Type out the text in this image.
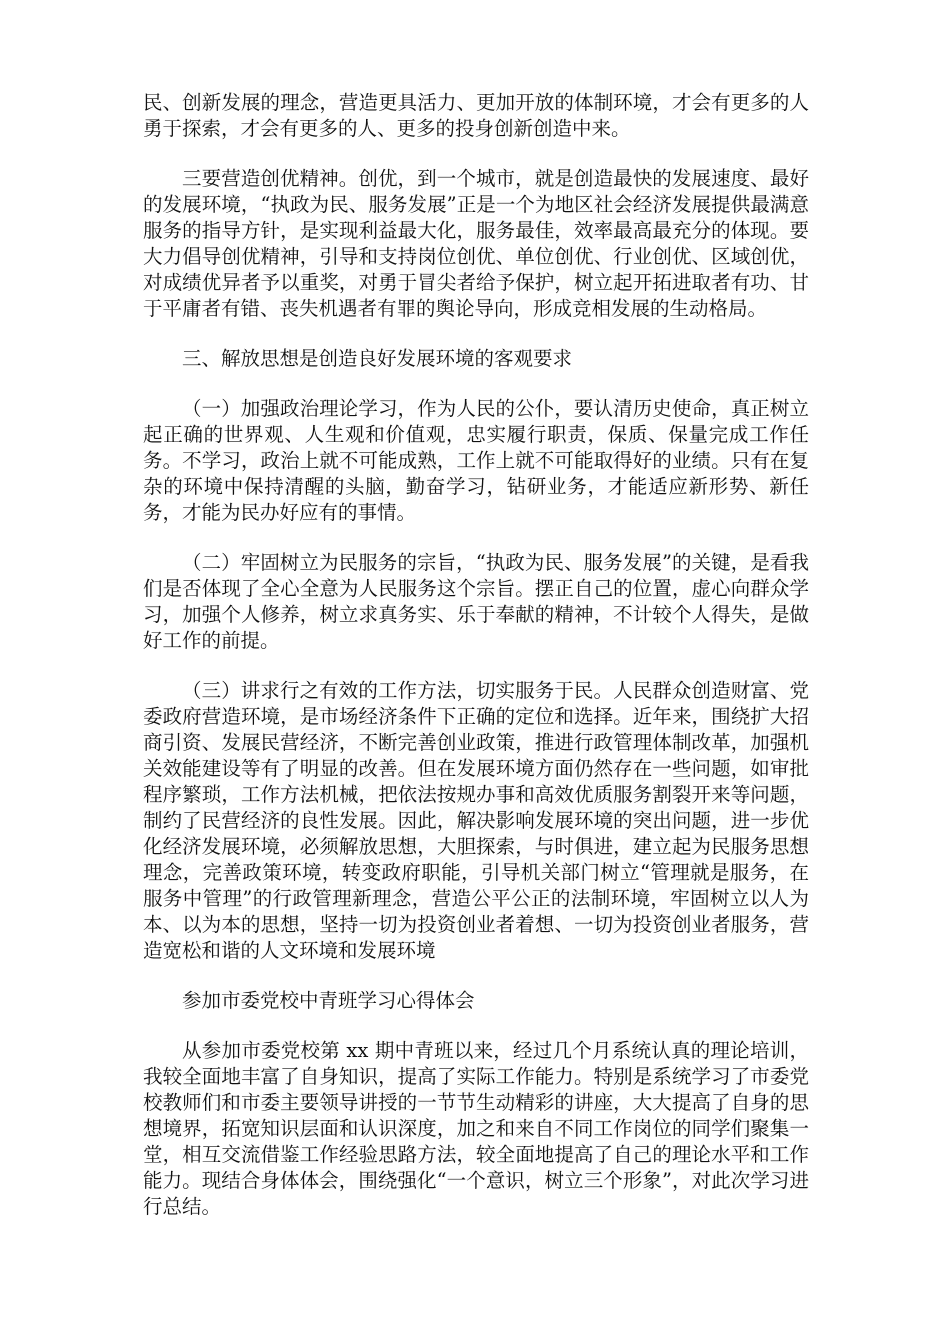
民、创新发展的理念，营造更具活力、更加开放的体制环境，才会有更多的人勇于探索，才会有更多的人、更多的投身创新创造中来。

三要营造创优精神。创优，到一个城市，就是创造最快的发展速度、最好的发展环境，“执政为民、服务发展”正是一个为地区社会经济发展提供最满意服务的指导方针，是实现利益最大化，服务最佳，效率最高最充分的体现。要大力倡导创优精神，引导和支持岗位创优、单位创优、行业创优、区域创优，对成绩优异者予以重奖，对勇于冒尖者给予保护，树立起开拓进取者有功、甘于平庸者有错、丧失机遇者有罪的舆论导向，形成竞相发展的生动格局。

三、解放思想是创造良好发展环境的客观要求

（一）加强政治理论学习，作为人民的公仆，要认清历史使命，真正树立起正确的世界观、人生观和价值观，忠实履行职责，保质、保量完成工作任务。不学习，政治上就不可能成熟，工作上就不可能取得好的业绩。只有在复杂的环境中保持清醒的头脑，勤奋学习，钻研业务，才能适应新形势、新任务，才能为民办好应有的事情。

（二）牢固树立为民服务的宗旨，“执政为民、服务发展”的关键，是看我们是否体现了全心全意为人民服务这个宗旨。摆正自己的位置，虚心向群众学习，加强个人修养，树立求真务实、乐于奉献的精神，不计较个人得失，是做好工作的前提。

（三）讲求行之有效的工作方法，切实服务于民。人民群众创造财富、党委政府营造环境，是市场经济条件下正确的定位和选择。近年来，围绕扩大招商引资、发展民营经济，不断完善创业政策，推进行政管理体制改革，加强机关效能建设等有了明显的改善。但在发展环境方面仍然存在一些问题，如审批程序繁琐，工作方法机械，把依法按规办事和高效优质服务割裂开来等问题，制约了民营经济的良性发展。因此，解决影响发展环境的突出问题，进一步优化经济发展环境，必须解放思想，大胆探索，与时俱进，建立起为民服务思想理念，完善政策环境，转变政府职能，引导机关部门树立“管理就是服务，在服务中管理”的行政管理新理念，营造公平公正的法制环境，牢固树立以人为本、以为本的思想，坚持一切为投资创业者着想、一切为投资创业者服务，营造宽松和谐的人文环境和发展环境

参加市委党校中青班学习心得体会

从参加市委党校第 xx 期中青班以来，经过几个月系统认真的理论培训，我较全面地丰富了自身知识，提高了实际工作能力。特别是系统学习了市委党校教师们和市委主要领导讲授的一节节生动精彩的讲座，大大提高了自身的思想境界，拓宽知识层面和认识深度，加之和来自不同工作岗位的同学们聚集一堂，相互交流借鉴工作经验思路方法，较全面地提高了自己的理论水平和工作能力。现结合身体体会，围绕强化“一个意识，树立三个形象”，对此次学习进行总结。
